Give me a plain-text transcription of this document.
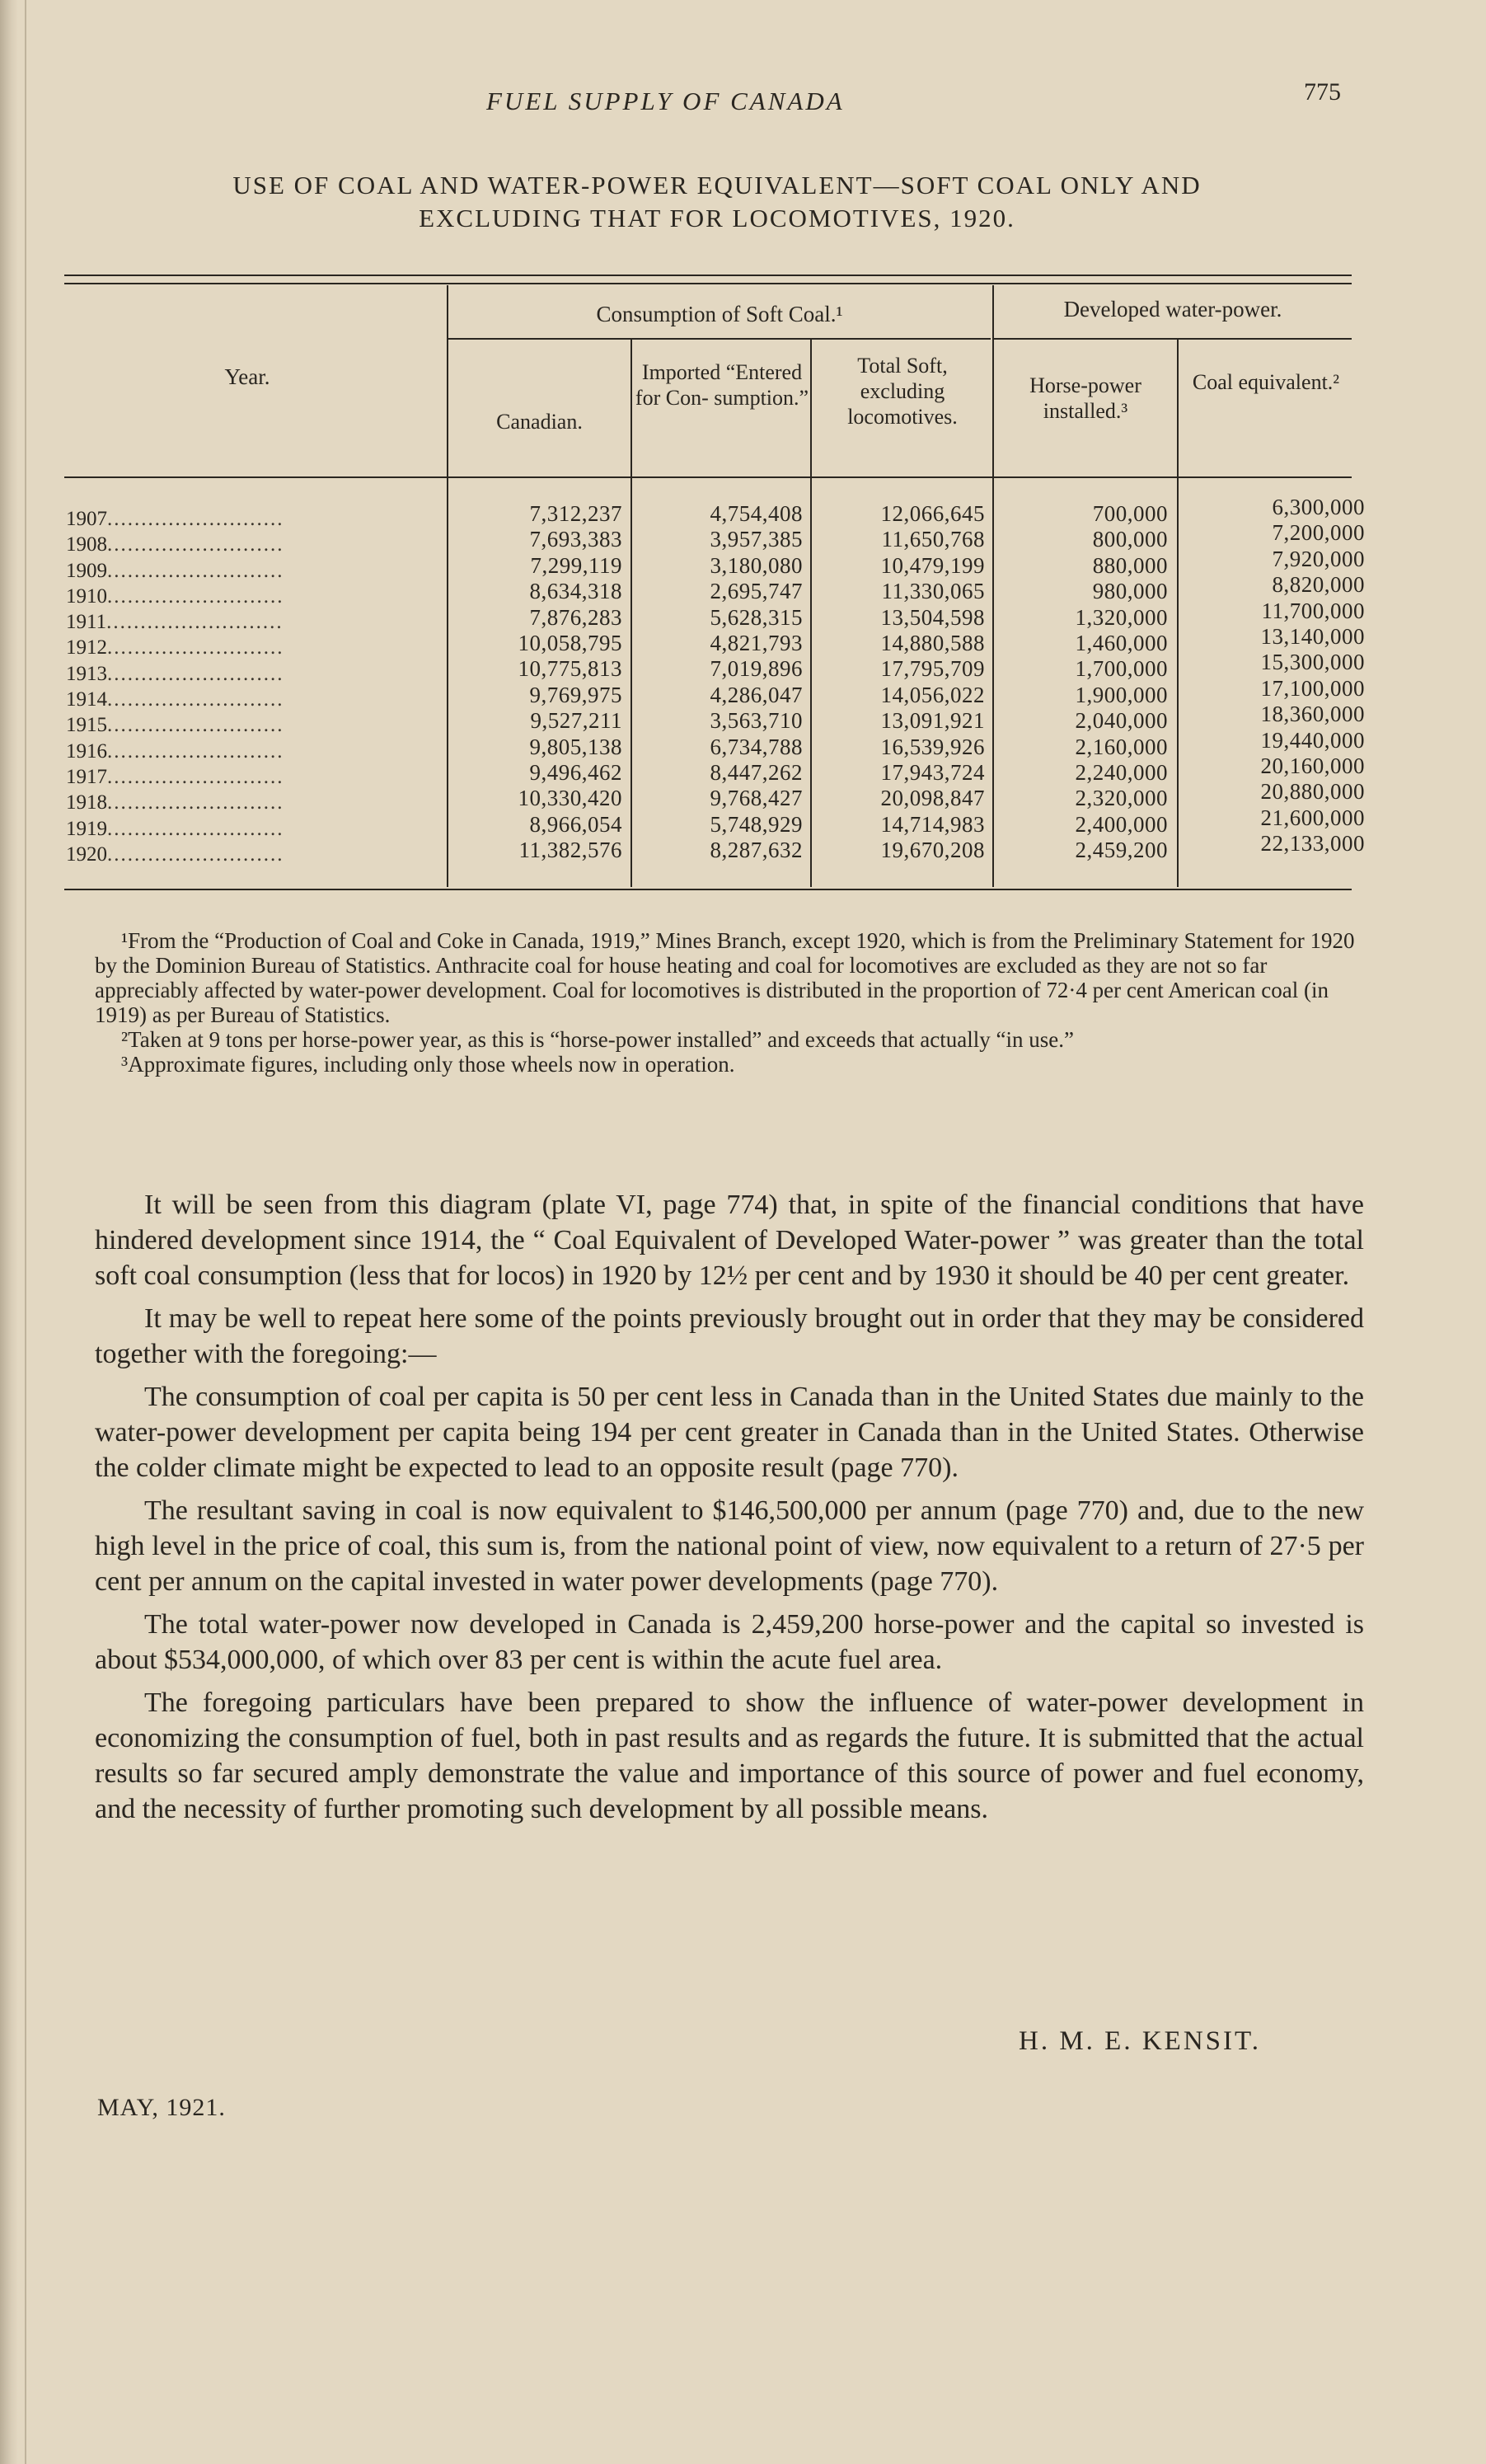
FUEL SUPPLY OF CANADA	775
USE OF COAL AND WATER-POWER EQUIVALENT—SOFT COAL ONLY AND
EXCLUDING THAT FOR LOCOMOTIVES, 1920.
Consumption of Soft Coal.¹	Developed water-power.
Year.
Canadian.
Imported “Entered for Con- sumption.”
Total Soft, excluding locomotives.
Horse-power installed.³
Coal equivalent.²
1907..........................
1908..........................
1909..........................
1910..........................
1911..........................
1912..........................
1913..........................
1914..........................
1915..........................
1916..........................
1917..........................
1918..........................
1919..........................
1920..........................
7,312,237
7,693,383
7,299,119
8,634,318
7,876,283
10,058,795
10,775,813
9,769,975
9,527,211
9,805,138
9,496,462
10,330,420
8,966,054
11,382,576
4,754,408
3,957,385
3,180,080
2,695,747
5,628,315
4,821,793
7,019,896
4,286,047
3,563,710
6,734,788
8,447,262
9,768,427
5,748,929
8,287,632
12,066,645
11,650,768
10,479,199
11,330,065
13,504,598
14,880,588
17,795,709
14,056,022
13,091,921
16,539,926
17,943,724
20,098,847
14,714,983
19,670,208
700,000
800,000
880,000
980,000
1,320,000
1,460,000
1,700,000
1,900,000
2,040,000
2,160,000
2,240,000
2,320,000
2,400,000
2,459,200
6,300,000
7,200,000
7,920,000
8,820,000
11,700,000
13,140,000
15,300,000
17,100,000
18,360,000
19,440,000
20,160,000
20,880,000
21,600,000
22,133,000

¹From the “Production of Coal and Coke in Canada, 1919,” Mines Branch, except 1920, which is from the Preliminary Statement for 1920 by the Dominion Bureau of Statistics. Anthracite coal for house heating and coal for locomotives are excluded as they are not so far appreciably affected by water-power development. Coal for locomotives is distributed in the proportion of 72·4 per cent American coal (in 1919) as per Bureau of Statistics.

²Taken at 9 tons per horse-power year, as this is “horse-power installed” and exceeds that actually “in use.”

³Approximate figures, including only those wheels now in operation.

It will be seen from this diagram (plate VI, page 774) that, in spite of the financial conditions that have hindered development since 1914, the “ Coal Equivalent of Developed Water-power ” was greater than the total soft coal consumption (less that for locos) in 1920 by 12½ per cent and by 1930 it should be 40 per cent greater.

It may be well to repeat here some of the points previously brought out in order that they may be considered together with the foregoing:—

The consumption of coal per capita is 50 per cent less in Canada than in the United States due mainly to the water-power development per capita being 194 per cent greater in Canada than in the United States. Otherwise the colder climate might be expected to lead to an opposite result (page 770).

The resultant saving in coal is now equivalent to $146,500,000 per annum (page 770) and, due to the new high level in the price of coal, this sum is, from the national point of view, now equivalent to a return of 27·5 per cent per annum on the capital invested in water power developments (page 770).

The total water-power now developed in Canada is 2,459,200 horse-power and the capital so invested is about $534,000,000, of which over 83 per cent is within the acute fuel area.

The foregoing particulars have been prepared to show the influence of water-power development in economizing the consumption of fuel, both in past results and as regards the future. It is submitted that the actual results so far secured amply demonstrate the value and importance of this source of power and fuel economy, and the necessity of further promoting such development by all possible means.

H. M. E. KENSIT.
MAY, 1921.
